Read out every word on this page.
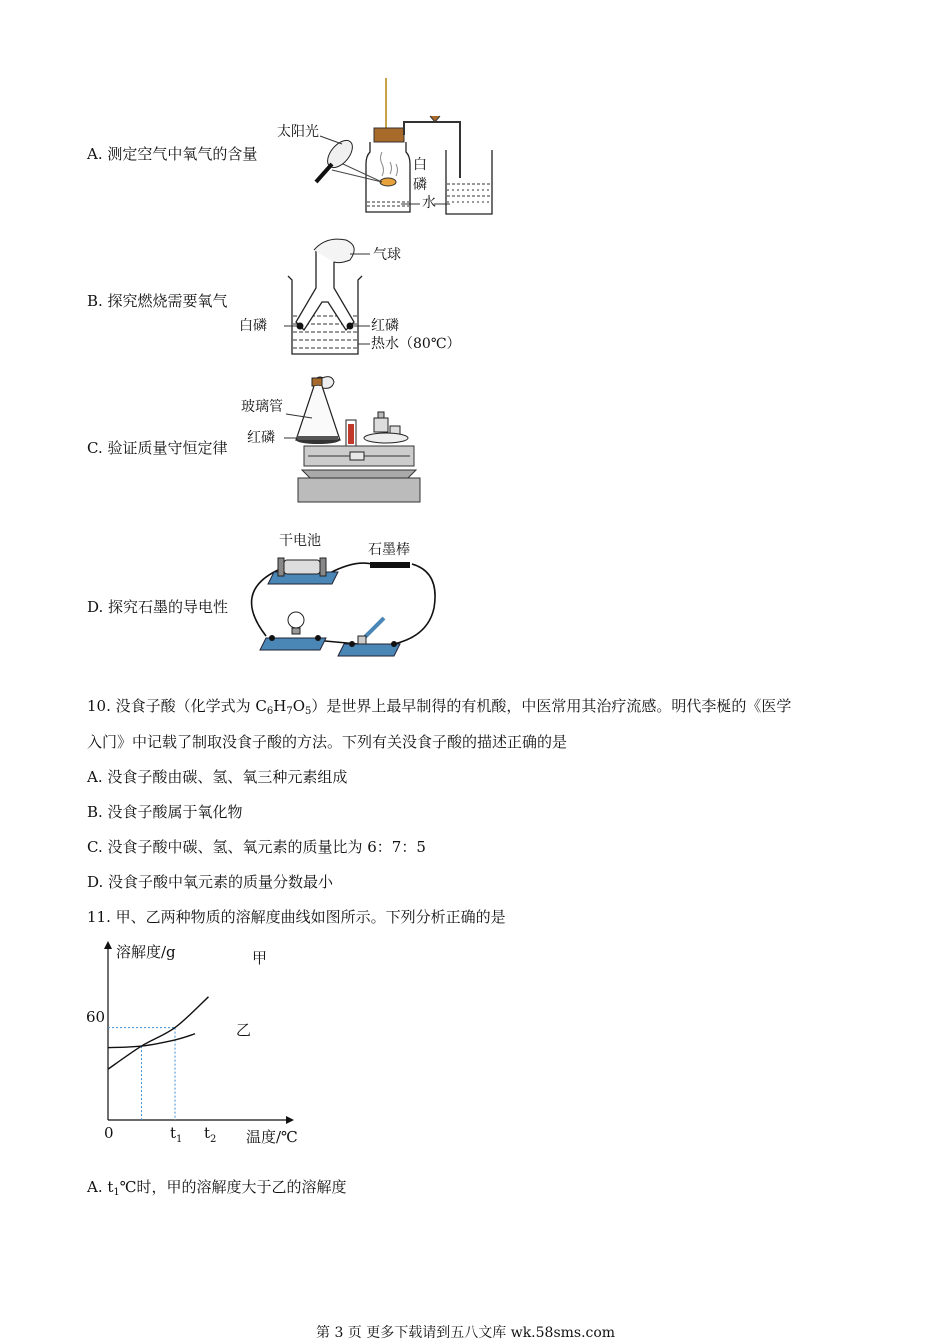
A. 测定空气中氧气的含量
太阳光
白
磷
水
B. 探究燃烧需要氧气
气球
白磷	红磷
热水（80℃）
C. 验证质量守恒定律
玻璃管
红磷
D. 探究石墨的导电性
干电池
石墨棒
10. 没食子酸（化学式为 $C_6H_7O_5$）是世界上最早制得的有机酸，中医常用其治疗流感。明代李梴的《医学
入门》中记载了制取没食子酸的方法。下列有关没食子酸的描述正确的是
A. 没食子酸由碳、氢、氧三种元素组成
B. 没食子酸属于氧化物
C. 没食子酸中碳、氢、氧元素的质量比为 6：7：5
D. 没食子酸中氧元素的质量分数最小
11. 甲、乙两种物质的溶解度曲线如图所示。下列分析正确的是
溶解度/g
温度/℃
0
60
$t_1$ $t_2$
甲
乙
A. $t_1℃$时，甲的溶解度大于乙的溶解度
第 3 页 更多下载请到五八文库 wk.58sms.com
